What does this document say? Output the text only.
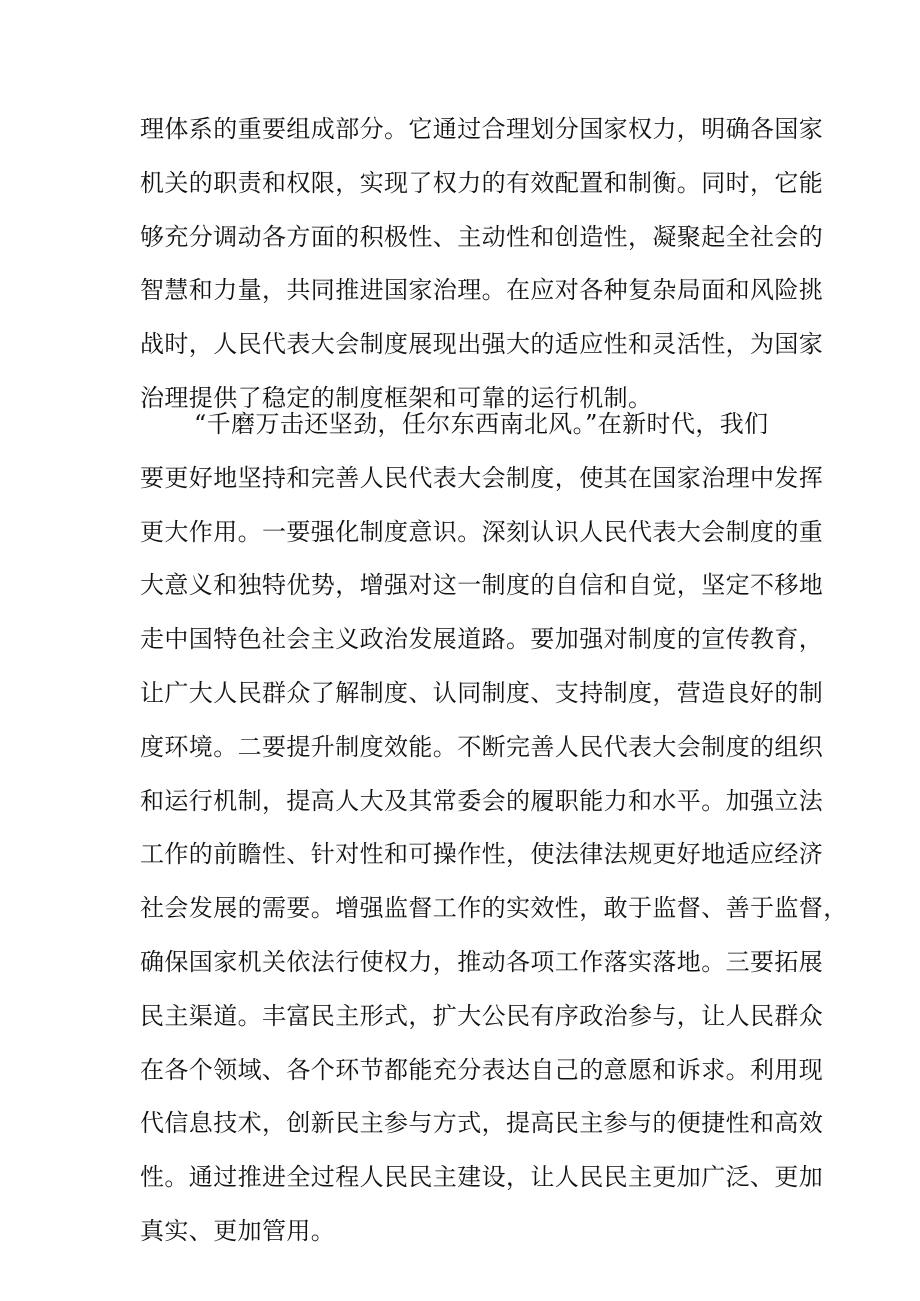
理体系的重要组成部分。它通过合理划分国家权力，明确各国家
机关的职责和权限，实现了权力的有效配置和制衡。同时，它能
够充分调动各方面的积极性、主动性和创造性，凝聚起全社会的
智慧和力量，共同推进国家治理。在应对各种复杂局面和风险挑
战时，人民代表大会制度展现出强大的适应性和灵活性，为国家
治理提供了稳定的制度框架和可靠的运行机制。
“千磨万击还坚劲，任尔东西南北风。”在新时代，我们
要更好地坚持和完善人民代表大会制度，使其在国家治理中发挥
更大作用。一要强化制度意识。深刻认识人民代表大会制度的重
大意义和独特优势，增强对这一制度的自信和自觉，坚定不移地
走中国特色社会主义政治发展道路。要加强对制度的宣传教育，
让广大人民群众了解制度、认同制度、支持制度，营造良好的制
度环境。二要提升制度效能。不断完善人民代表大会制度的组织
和运行机制，提高人大及其常委会的履职能力和水平。加强立法
工作的前瞻性、针对性和可操作性，使法律法规更好地适应经济
社会发展的需要。增强监督工作的实效性，敢于监督、善于监督，
确保国家机关依法行使权力，推动各项工作落实落地。三要拓展
民主渠道。丰富民主形式，扩大公民有序政治参与，让人民群众
在各个领域、各个环节都能充分表达自己的意愿和诉求。利用现
代信息技术，创新民主参与方式，提高民主参与的便捷性和高效
性。通过推进全过程人民民主建设，让人民民主更加广泛、更加
真实、更加管用。
